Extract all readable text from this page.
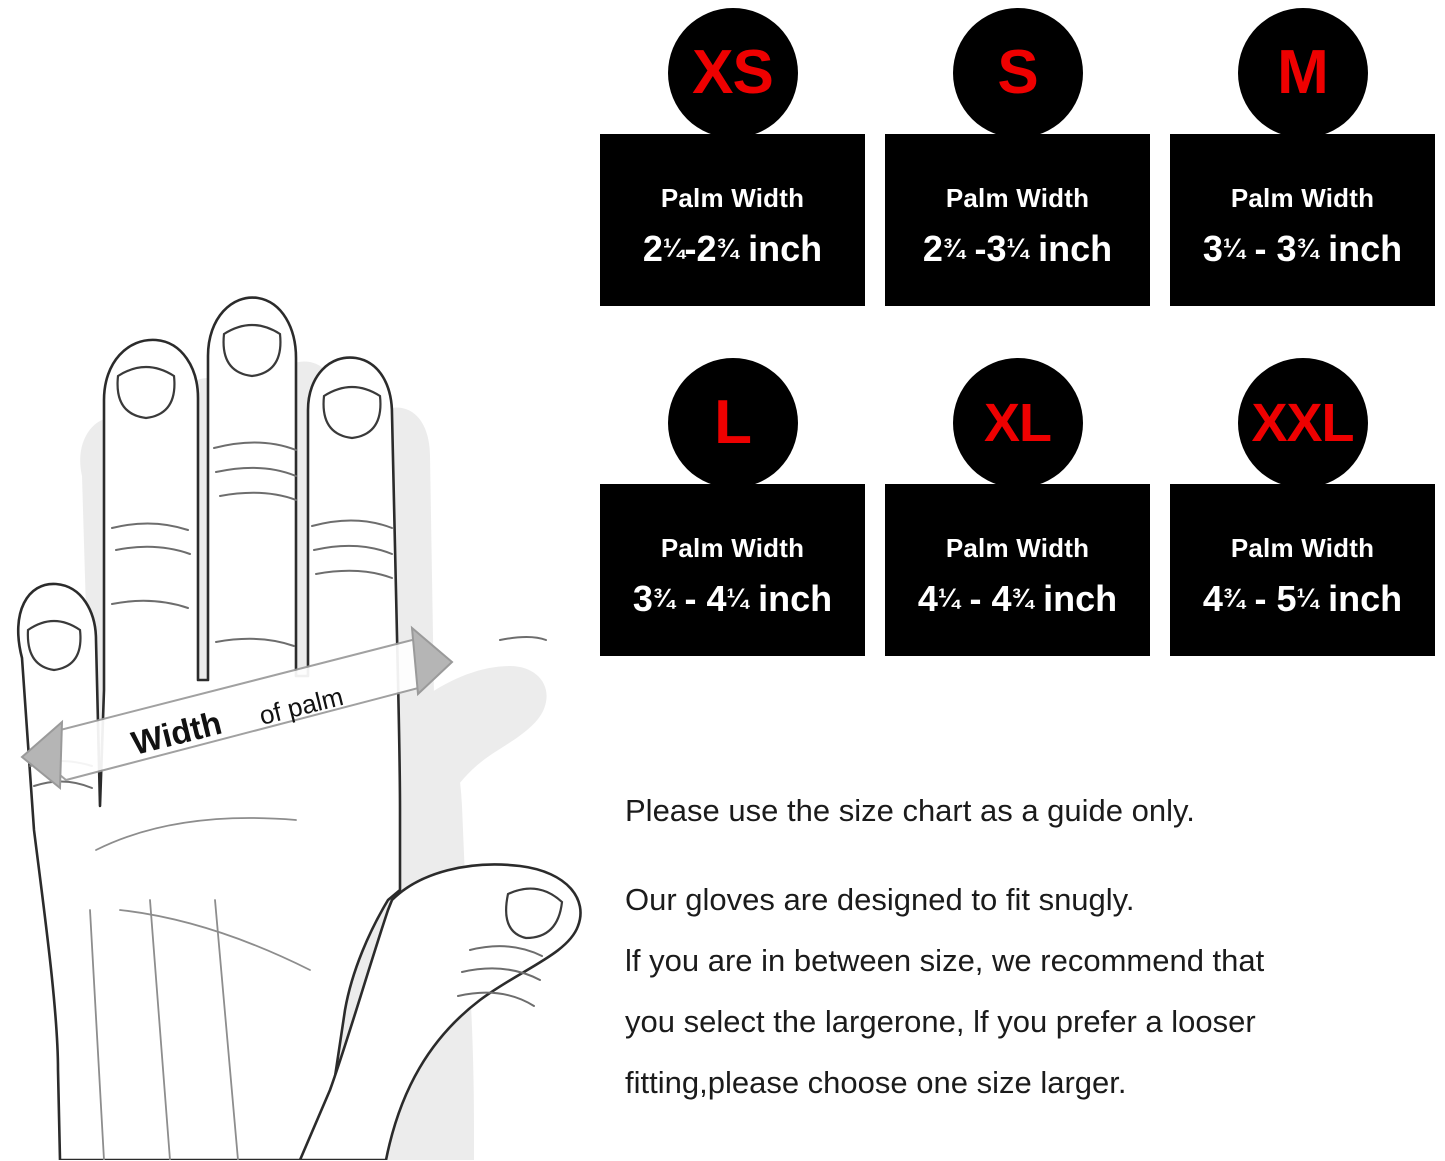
Width of palm
XS
Palm Width
2¼-2¾ inch
S
Palm Width
2¾ -3¼ inch
M
Palm Width
3¼ - 3¾ inch
L
Palm Width
3¾ - 4¼ inch
XL
Palm Width
4¼ - 4¾ inch
XXL
Palm Width
4¾ - 5¼ inch
Please use the size chart as a guide only.
Our gloves are designed to fit snugly.
lf you are in between size, we recommend that
you select the largerone, lf you prefer a looser
fitting,please choose one size larger.
